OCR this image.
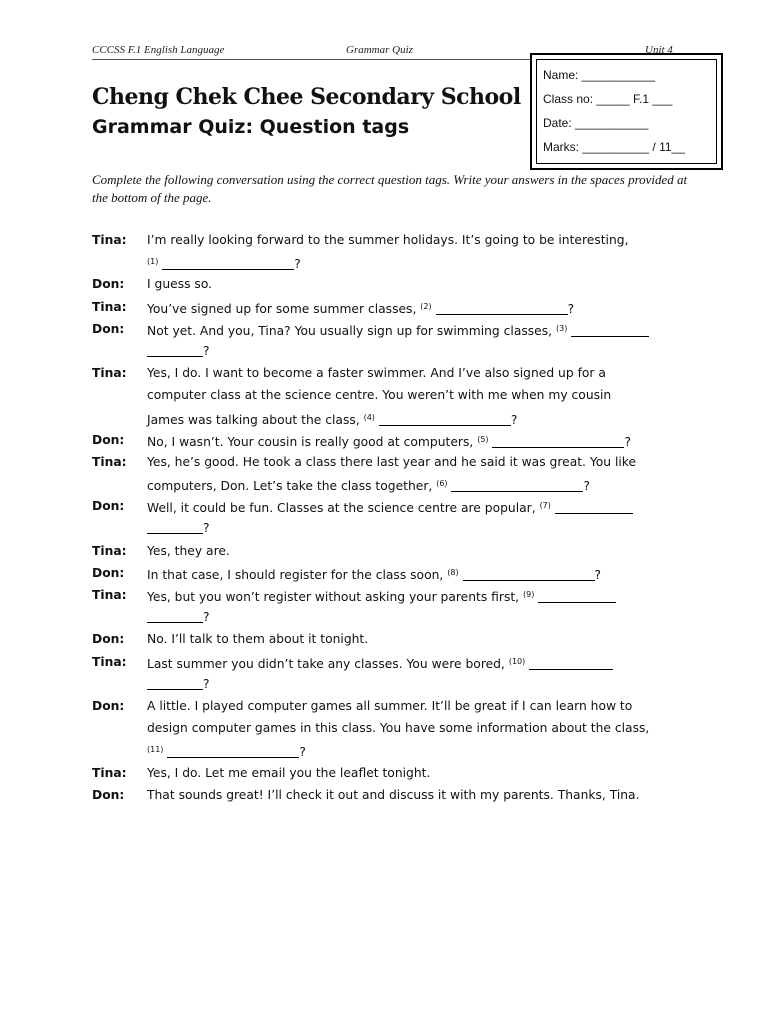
CCCSS F.1 English Language	Grammar Quiz	Unit 4
Name: ___________
Class no: _____ F.1 ___
Date: ___________
Marks: __________ / 11__
Cheng Chek Chee Secondary School
Grammar Quiz: Question tags
Complete the following conversation using the correct question tags. Write your answers in the spaces provided at the bottom of the page.
Tina: I’m really looking forward to the summer holidays. It’s going to be interesting,
$^{(1)}$	?
Don: I guess so.
Tina: You’ve signed up for some summer classes, $^{(2)}$	?
Don: Not yet. And you, Tina? You usually sign up for swimming classes, $^{(3)}$
?
Tina: Yes, I do. I want to become a faster swimmer. And I’ve also signed up for a
computer class at the science centre. You weren’t with me when my cousin
James was talking about the class, $^{(4)}$	?
Don: No, I wasn’t. Your cousin is really good at computers, $^{(5)}$	?
Tina: Yes, he’s good. He took a class there last year and he said it was great. You like
computers, Don. Let’s take the class together, $^{(6)}$	?
Don: Well, it could be fun. Classes at the science centre are popular, $^{(7)}$
?
Tina: Yes, they are.
Don: In that case, I should register for the class soon, $^{(8)}$	?
Tina: Yes, but you won’t register without asking your parents first, $^{(9)}$
?
Don: No. I’ll talk to them about it tonight.
Tina: Last summer you didn’t take any classes. You were bored, $^{(10)}$
?
Don: A little. I played computer games all summer. It’ll be great if I can learn how to
design computer games in this class. You have some information about the class,
$^{(11)}$	?
Tina: Yes, I do. Let me email you the leaflet tonight.
Don: That sounds great! I’ll check it out and discuss it with my parents. Thanks, Tina.
